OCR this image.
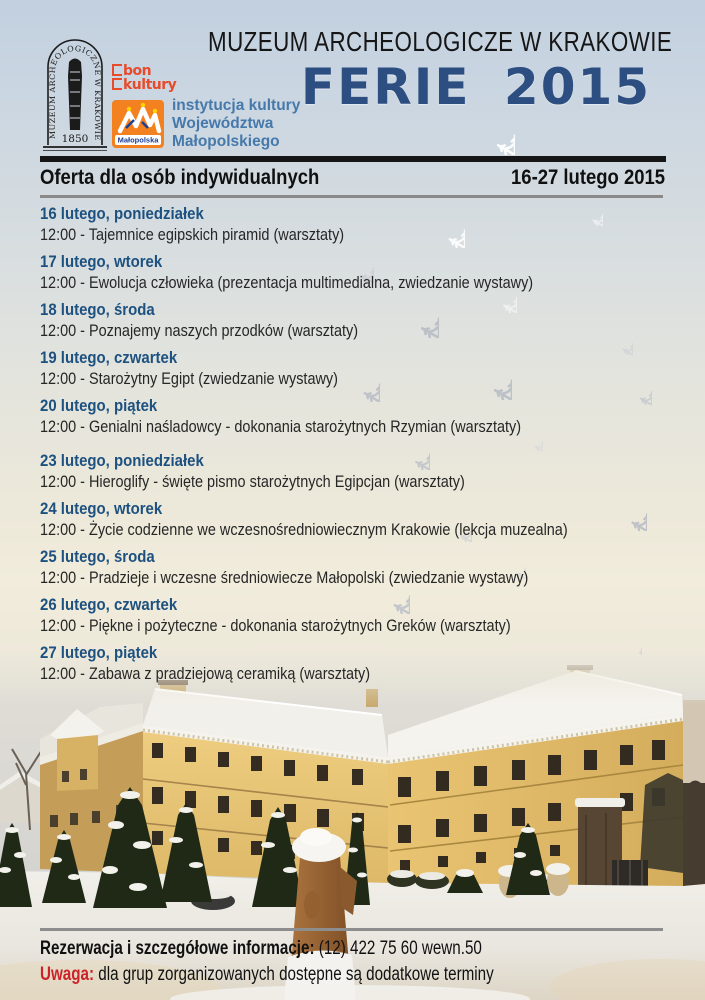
MUZEUM ARCHEOLOGICZNE W KRAKOWIE
1850
MUZEUM ARCHEOLOGICZE W KRAKOWIE
FERIE 2015
bon
kultury
Małopolska
instytucja kultury
Województwa
Małopolskiego
Oferta dla osób indywidualnych	16-27 lutego 2015
16 lutego, poniedziałek
12:00 - Tajemnice egipskich piramid (warsztaty)
17 lutego, wtorek
12:00 - Ewolucja człowieka (prezentacja multimedialna, zwiedzanie wystawy)
18 lutego, środa
12:00 - Poznajemy naszych przodków (warsztaty)
19 lutego, czwartek
12:00 - Starożytny Egipt (zwiedzanie wystawy)
20 lutego, piątek
12:00 - Genialni naśladowcy - dokonania starożytnych Rzymian (warsztaty)
23 lutego, poniedziałek
12:00 - Hieroglify - święte pismo starożytnych Egipcjan (warsztaty)
24 lutego, wtorek
12:00 - Życie codzienne we wczesnośredniowiecznym Krakowie (lekcja muzealna)
25 lutego, środa
12:00 - Pradzieje i wczesne średniowiecze Małopolski (zwiedzanie wystawy)
26 lutego, czwartek
12:00 - Piękne i pożyteczne - dokonania starożytnych Greków (warsztaty)
27 lutego, piątek
12:00 - Zabawa z pradziejową ceramiką (warsztaty)
Rezerwacja i szczegółowe informacje: (12) 422 75 60 wewn.50
Uwaga: dla grup zorganizowanych dostępne są dodatkowe terminy
